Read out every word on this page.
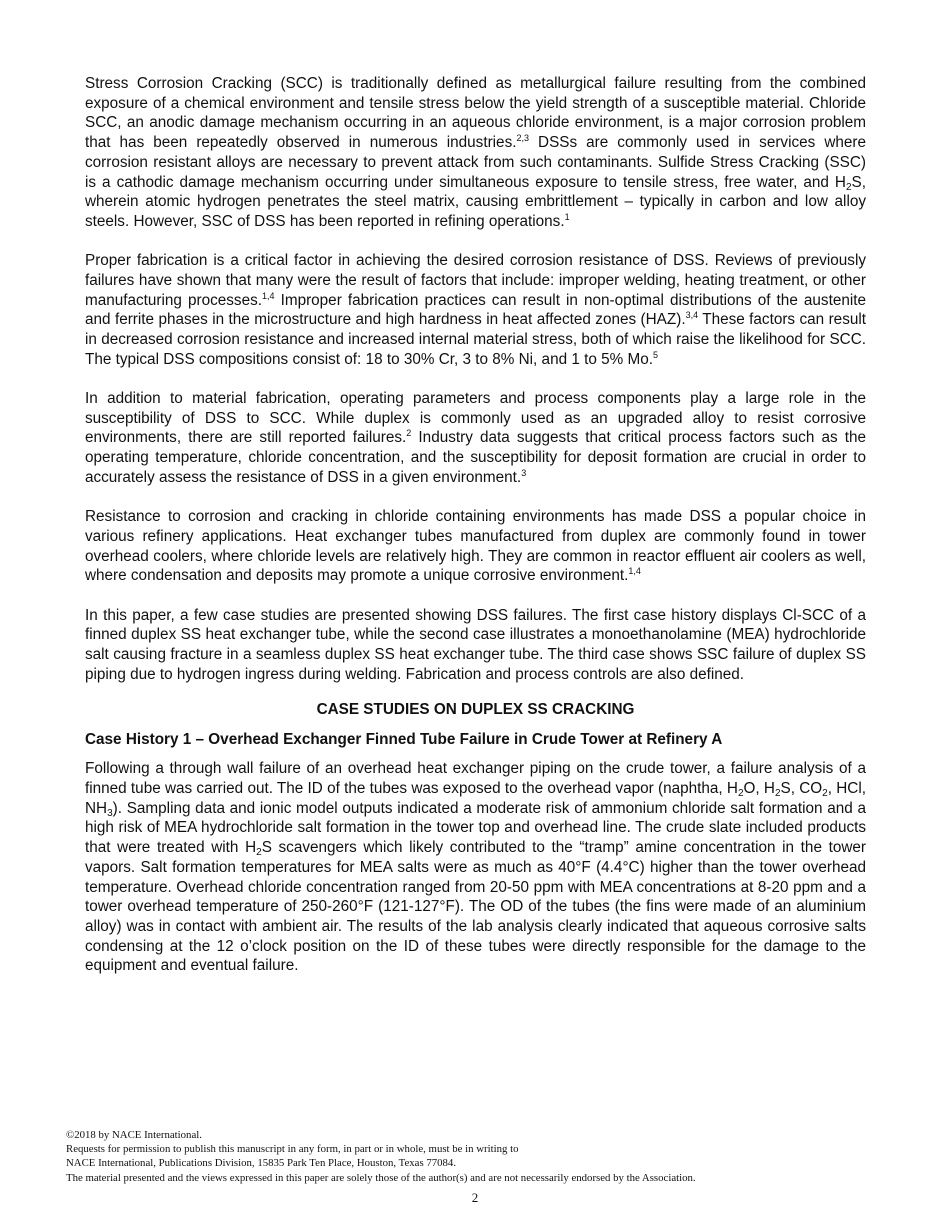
Stress Corrosion Cracking (SCC) is traditionally defined as metallurgical failure resulting from the combined exposure of a chemical environment and tensile stress below the yield strength of a susceptible material. Chloride SCC, an anodic damage mechanism occurring in an aqueous chloride environment, is a major corrosion problem that has been repeatedly observed in numerous industries.$^{2,3}$ DSSs are commonly used in services where corrosion resistant alloys are necessary to prevent attack from such contaminants. Sulfide Stress Cracking (SSC) is a cathodic damage mechanism occurring under simultaneous exposure to tensile stress, free water, and $H_2S$, wherein atomic hydrogen penetrates the steel matrix, causing embrittlement – typically in carbon and low alloy steels. However, SSC of DSS has been reported in refining operations.$^1$

Proper fabrication is a critical factor in achieving the desired corrosion resistance of DSS. Reviews of previously failures have shown that many were the result of factors that include: improper welding, heating treatment, or other manufacturing processes.$^{1,4}$ Improper fabrication practices can result in non-optimal distributions of the austenite and ferrite phases in the microstructure and high hardness in heat affected zones (HAZ).$^{3,4}$ These factors can result in decreased corrosion resistance and increased internal material stress, both of which raise the likelihood for SCC. The typical DSS compositions consist of: 18 to 30% Cr, 3 to 8% Ni, and 1 to 5% Mo.$^5$

In addition to material fabrication, operating parameters and process components play a large role in the susceptibility of DSS to SCC. While duplex is commonly used as an upgraded alloy to resist corrosive environments, there are still reported failures.$^2$ Industry data suggests that critical process factors such as the operating temperature, chloride concentration, and the susceptibility for deposit formation are crucial in order to accurately assess the resistance of DSS in a given environment.$^3$

Resistance to corrosion and cracking in chloride containing environments has made DSS a popular choice in various refinery applications. Heat exchanger tubes manufactured from duplex are commonly found in tower overhead coolers, where chloride levels are relatively high. They are common in reactor effluent air coolers as well, where condensation and deposits may promote a unique corrosive environment.$^{1,4}$

In this paper, a few case studies are presented showing DSS failures. The first case history displays Cl-SCC of a finned duplex SS heat exchanger tube, while the second case illustrates a monoethanolamine (MEA) hydrochloride salt causing fracture in a seamless duplex SS heat exchanger tube. The third case shows SSC failure of duplex SS piping due to hydrogen ingress during welding. Fabrication and process controls are also defined.

CASE STUDIES ON DUPLEX SS CRACKING
Case History 1 – Overhead Exchanger Finned Tube Failure in Crude Tower at Refinery A

Following a through wall failure of an overhead heat exchanger piping on the crude tower, a failure analysis of a finned tube was carried out. The ID of the tubes was exposed to the overhead vapor (naphtha, $H_2O$, $H_2S$, $CO_2$, HCl, $NH_3$). Sampling data and ionic model outputs indicated a moderate risk of ammonium chloride salt formation and a high risk of MEA hydrochloride salt formation in the tower top and overhead line. The crude slate included products that were treated with $H_2S$ scavengers which likely contributed to the “tramp” amine concentration in the tower vapors. Salt formation temperatures for MEA salts were as much as 40°F (4.4°C) higher than the tower overhead temperature. Overhead chloride concentration ranged from 20-50 ppm with MEA concentrations at 8-20 ppm and a tower overhead temperature of 250-260°F (121-127°F). The OD of the tubes (the fins were made of an aluminium alloy) was in contact with ambient air. The results of the lab analysis clearly indicated that aqueous corrosive salts condensing at the 12 o’clock position on the ID of these tubes were directly responsible for the damage to the equipment and eventual failure.

©2018 by NACE International.
Requests for permission to publish this manuscript in any form, in part or in whole, must be in writing to
NACE International, Publications Division, 15835 Park Ten Place, Houston, Texas 77084.
The material presented and the views expressed in this paper are solely those of the author(s) and are not necessarily endorsed by the Association.
2
